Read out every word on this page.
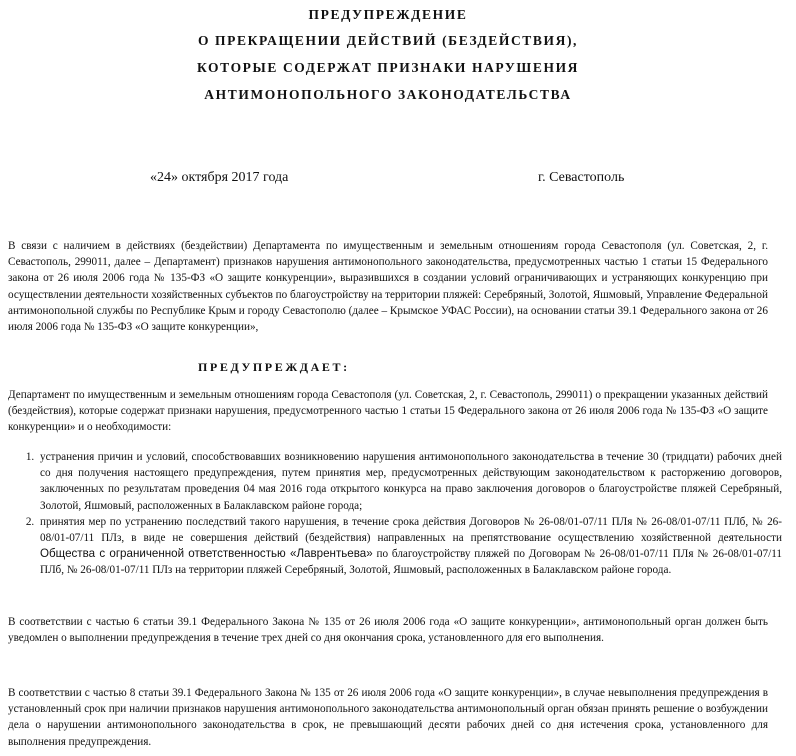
ПРЕДУПРЕЖДЕНИЕ
О ПРЕКРАЩЕНИИ ДЕЙСТВИЙ (БЕЗДЕЙСТВИЯ),
КОТОРЫЕ СОДЕРЖАТ ПРИЗНАКИ НАРУШЕНИЯ
АНТИМОНОПОЛЬНОГО ЗАКОНОДАТЕЛЬСТВА
«24» октября 2017 года	г. Севастополь

В связи с наличием в действиях (бездействии) Департамента по имущественным и земельным отношениям города Севастополя (ул. Советская, 2, г. Севастополь, 299011, далее – Департамент) признаков нарушения антимонопольного законодательства, предусмотренных частью 1 статьи 15 Федерального закона от 26 июля 2006 года № 135-ФЗ «О защите конкуренции», выразившихся в создании условий ограничивающих и устраняющих конкуренцию при осуществлении деятельности хозяйственных субъектов по благоустройству на территории пляжей: Серебряный, Золотой, Яшмовый, Управление Федеральной антимонопольной службы по Республике Крым и городу Севастополю (далее – Крымское УФАС России), на основании статьи 39.1 Федерального закона от 26 июля 2006 года № 135-ФЗ «О защите конкуренции»,

ПРЕДУПРЕЖДАЕТ:

Департамент по имущественным и земельным отношениям города Севастополя (ул. Советская, 2, г. Севастополь, 299011) о прекращении указанных действий (бездействия), которые содержат признаки нарушения, предусмотренного частью 1 статьи 15 Федерального закона от 26 июля 2006 года № 135-ФЗ «О защите конкуренции» и о необходимости:

1. устранения причин и условий, способствовавших возникновению нарушения антимонопольного законодательства в течение 30 (тридцати) рабочих дней со дня получения настоящего предупреждения, путем принятия мер, предусмотренных действующим законодательством к расторжению договоров, заключенных по результатам проведения 04 мая 2016 года открытого конкурса на право заключения договоров о благоустройстве пляжей Серебряный, Золотой, Яшмовый, расположенных в Балаклавском районе города;
2. принятия мер по устранению последствий такого нарушения, в течение срока действия Договоров № 26-08/01-07/11 ПЛя № 26-08/01-07/11 ПЛб, № 26-08/01-07/11 ПЛз, в виде не совершения действий (бездействия) направленных на препятствование осуществлению хозяйственной деятельности Общества с ограниченной ответственностью «Лаврентьева» по благоустройству пляжей по Договорам № 26-08/01-07/11 ПЛя № 26-08/01-07/11 ПЛб, № 26-08/01-07/11 ПЛз на территории пляжей Серебряный, Золотой, Яшмовый, расположенных в Балаклавском районе города.

В соответствии с частью 6 статьи 39.1 Федерального Закона № 135 от 26 июля 2006 года «О защите конкуренции», антимонопольный орган должен быть уведомлен о выполнении предупреждения в течение трех дней со дня окончания срока, установленного для его выполнения.

В соответствии с частью 8 статьи 39.1 Федерального Закона № 135 от 26 июля 2006 года «О защите конкуренции», в случае невыполнения предупреждения в установленный срок при наличии признаков нарушения антимонопольного законодательства антимонопольный орган обязан принять решение о возбуждении дела о нарушении антимонопольного законодательства в срок, не превышающий десяти рабочих дней со дня истечения срока, установленного для выполнения предупреждения.
